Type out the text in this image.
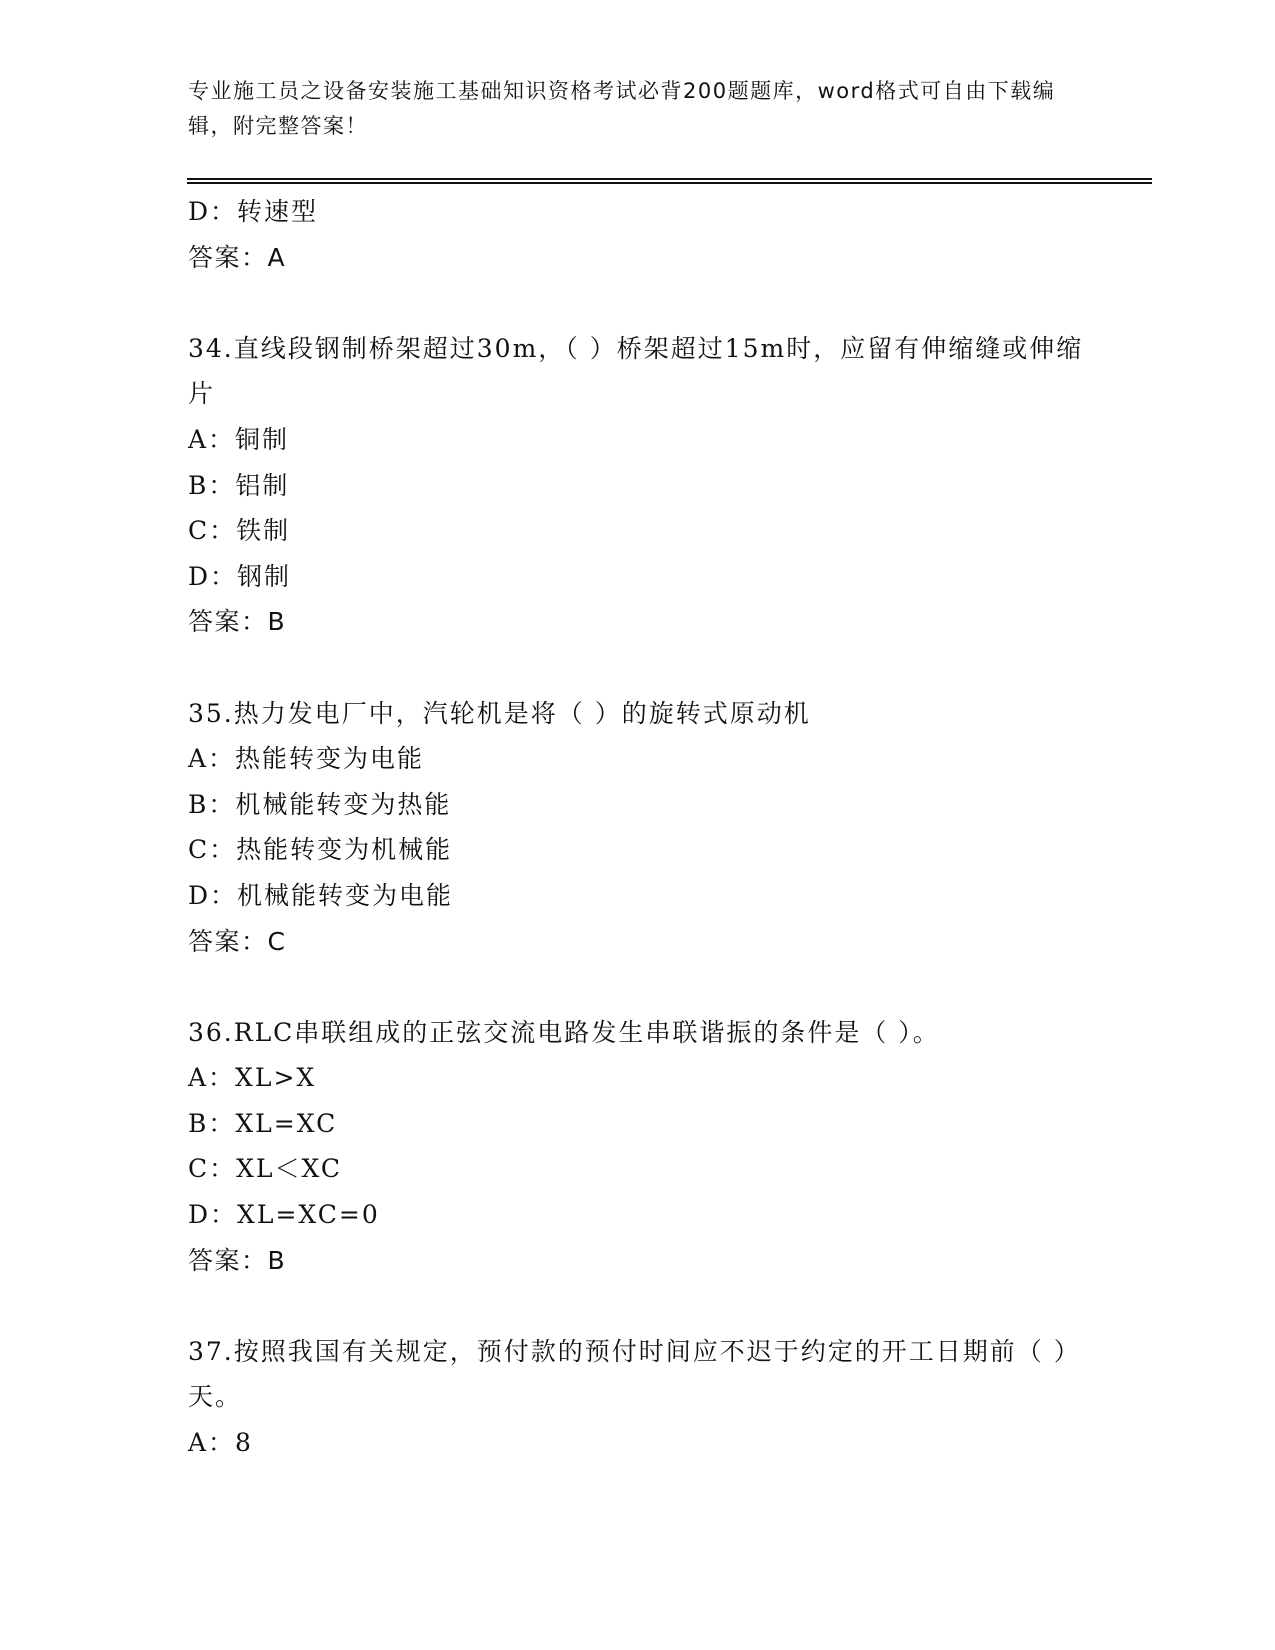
专业施工员之设备安装施工基础知识资格考试必背200题题库，word格式可自由下载编辑，附完整答案！
D：转速型
答案：A
34.直线段钢制桥架超过30m，（ ）桥架超过15m时，应留有伸缩缝或伸缩片
A：铜制
B：铝制
C：铁制
D：钢制
答案：B
35.热力发电厂中，汽轮机是将（ ）的旋转式原动机
A：热能转变为电能
B：机械能转变为热能
C：热能转变为机械能
D：机械能转变为电能
答案：C
36.RLC串联组成的正弦交流电路发生串联谐振的条件是（ ）。
A：XL>X
B：XL=XC
C：XL＜XC
D：XL=XC=0
答案：B
37.按照我国有关规定，预付款的预付时间应不迟于约定的开工日期前（ ）天。
A：8
